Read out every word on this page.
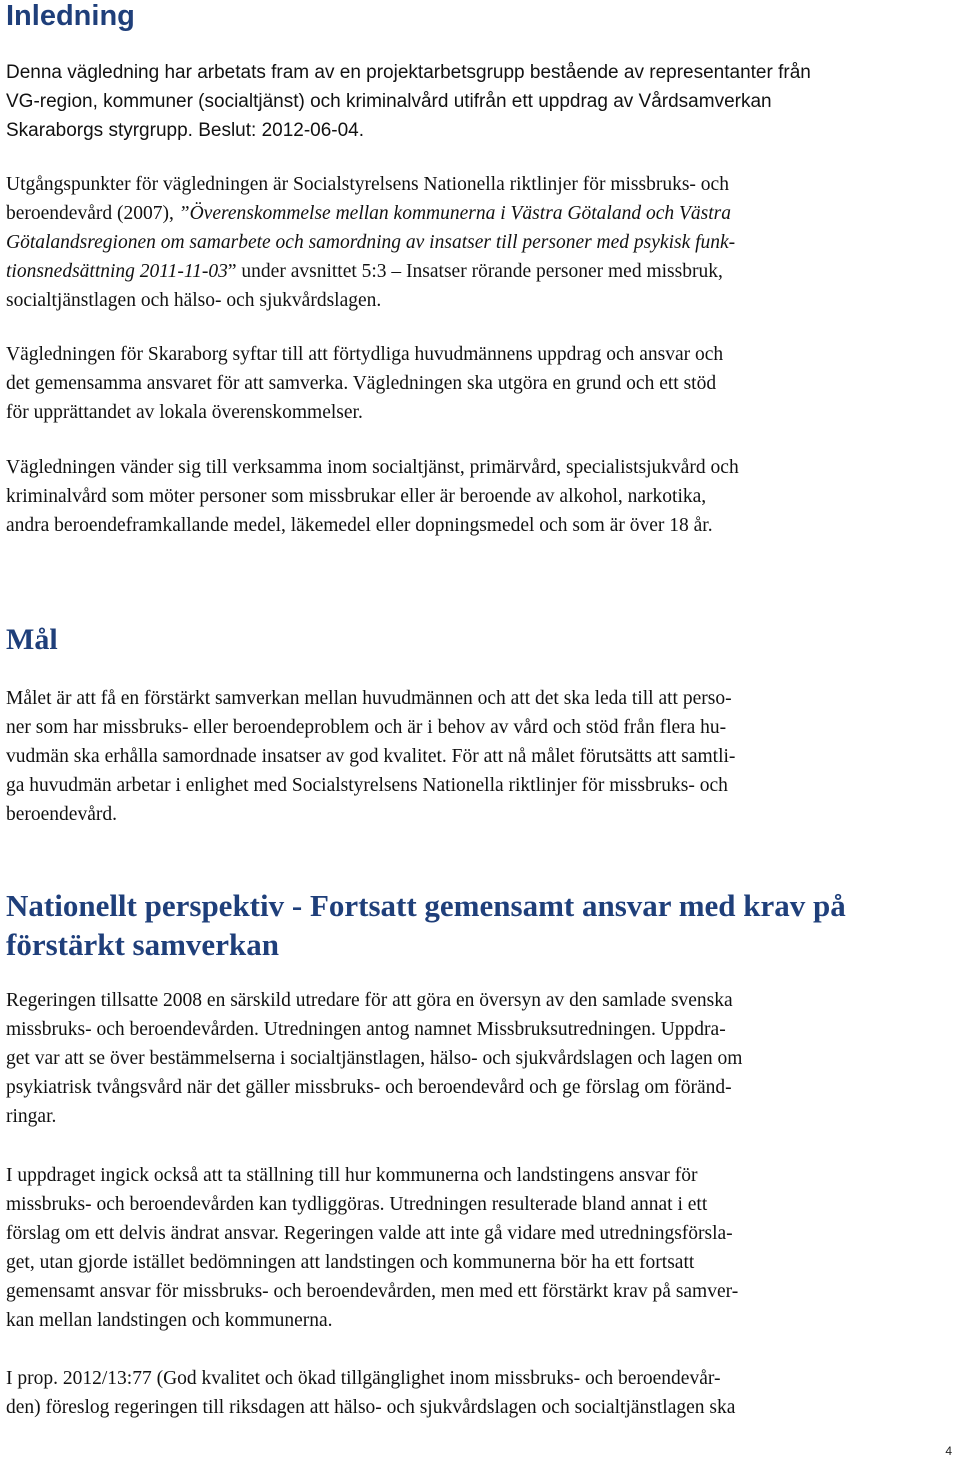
Inledning

Denna vägledning har arbetats fram av en projektarbetsgrupp bestående av representanter från
VG-region, kommuner (socialtjänst) och kriminalvård utifrån ett uppdrag av Vårdsamverkan
Skaraborgs styrgrupp. Beslut: 2012-06-04.

Utgångspunkter för vägledningen är Socialstyrelsens Nationella riktlinjer för missbruks- och
beroendevård (2007), ”Överenskommelse mellan kommunerna i Västra Götaland och Västra
Götalandsregionen om samarbete och samordning av insatser till personer med psykisk funk-
tionsnedsättning 2011-11-03” under avsnittet 5:3 – Insatser rörande personer med missbruk,
socialtjänstlagen och hälso- och sjukvårdslagen.

Vägledningen för Skaraborg syftar till att förtydliga huvudmännens uppdrag och ansvar och
det gemensamma ansvaret för att samverka. Vägledningen ska utgöra en grund och ett stöd
för upprättandet av lokala överenskommelser.

Vägledningen vänder sig till verksamma inom socialtjänst, primärvård, specialistsjukvård och
kriminalvård som möter personer som missbrukar eller är beroende av alkohol, narkotika,
andra beroendeframkallande medel, läkemedel eller dopningsmedel och som är över 18 år.

Mål

Målet är att få en förstärkt samverkan mellan huvudmännen och att det ska leda till att perso-
ner som har missbruks- eller beroendeproblem och är i behov av vård och stöd från flera hu-
vudmän ska erhålla samordnade insatser av god kvalitet. För att nå målet förutsätts att samtli-
ga huvudmän arbetar i enlighet med Socialstyrelsens Nationella riktlinjer för missbruks- och
beroendevård.

Nationellt perspektiv - Fortsatt gemensamt ansvar med krav på
förstärkt samverkan

Regeringen tillsatte 2008 en särskild utredare för att göra en översyn av den samlade svenska
missbruks- och beroendevården. Utredningen antog namnet Missbruksutredningen. Uppdra-
get var att se över bestämmelserna i socialtjänstlagen, hälso- och sjukvårdslagen och lagen om
psykiatrisk tvångsvård när det gäller missbruks- och beroendevård och ge förslag om föränd-
ringar.

I uppdraget ingick också att ta ställning till hur kommunerna och landstingens ansvar för
missbruks- och beroendevården kan tydliggöras. Utredningen resulterade bland annat i ett
förslag om ett delvis ändrat ansvar. Regeringen valde att inte gå vidare med utredningsförsla-
get, utan gjorde istället bedömningen att landstingen och kommunerna bör ha ett fortsatt
gemensamt ansvar för missbruks- och beroendevården, men med ett förstärkt krav på samver-
kan mellan landstingen och kommunerna.

I prop. 2012/13:77 (God kvalitet och ökad tillgänglighet inom missbruks- och beroendevår-
den) föreslog regeringen till riksdagen att hälso- och sjukvårdslagen och socialtjänstlagen ska

4
